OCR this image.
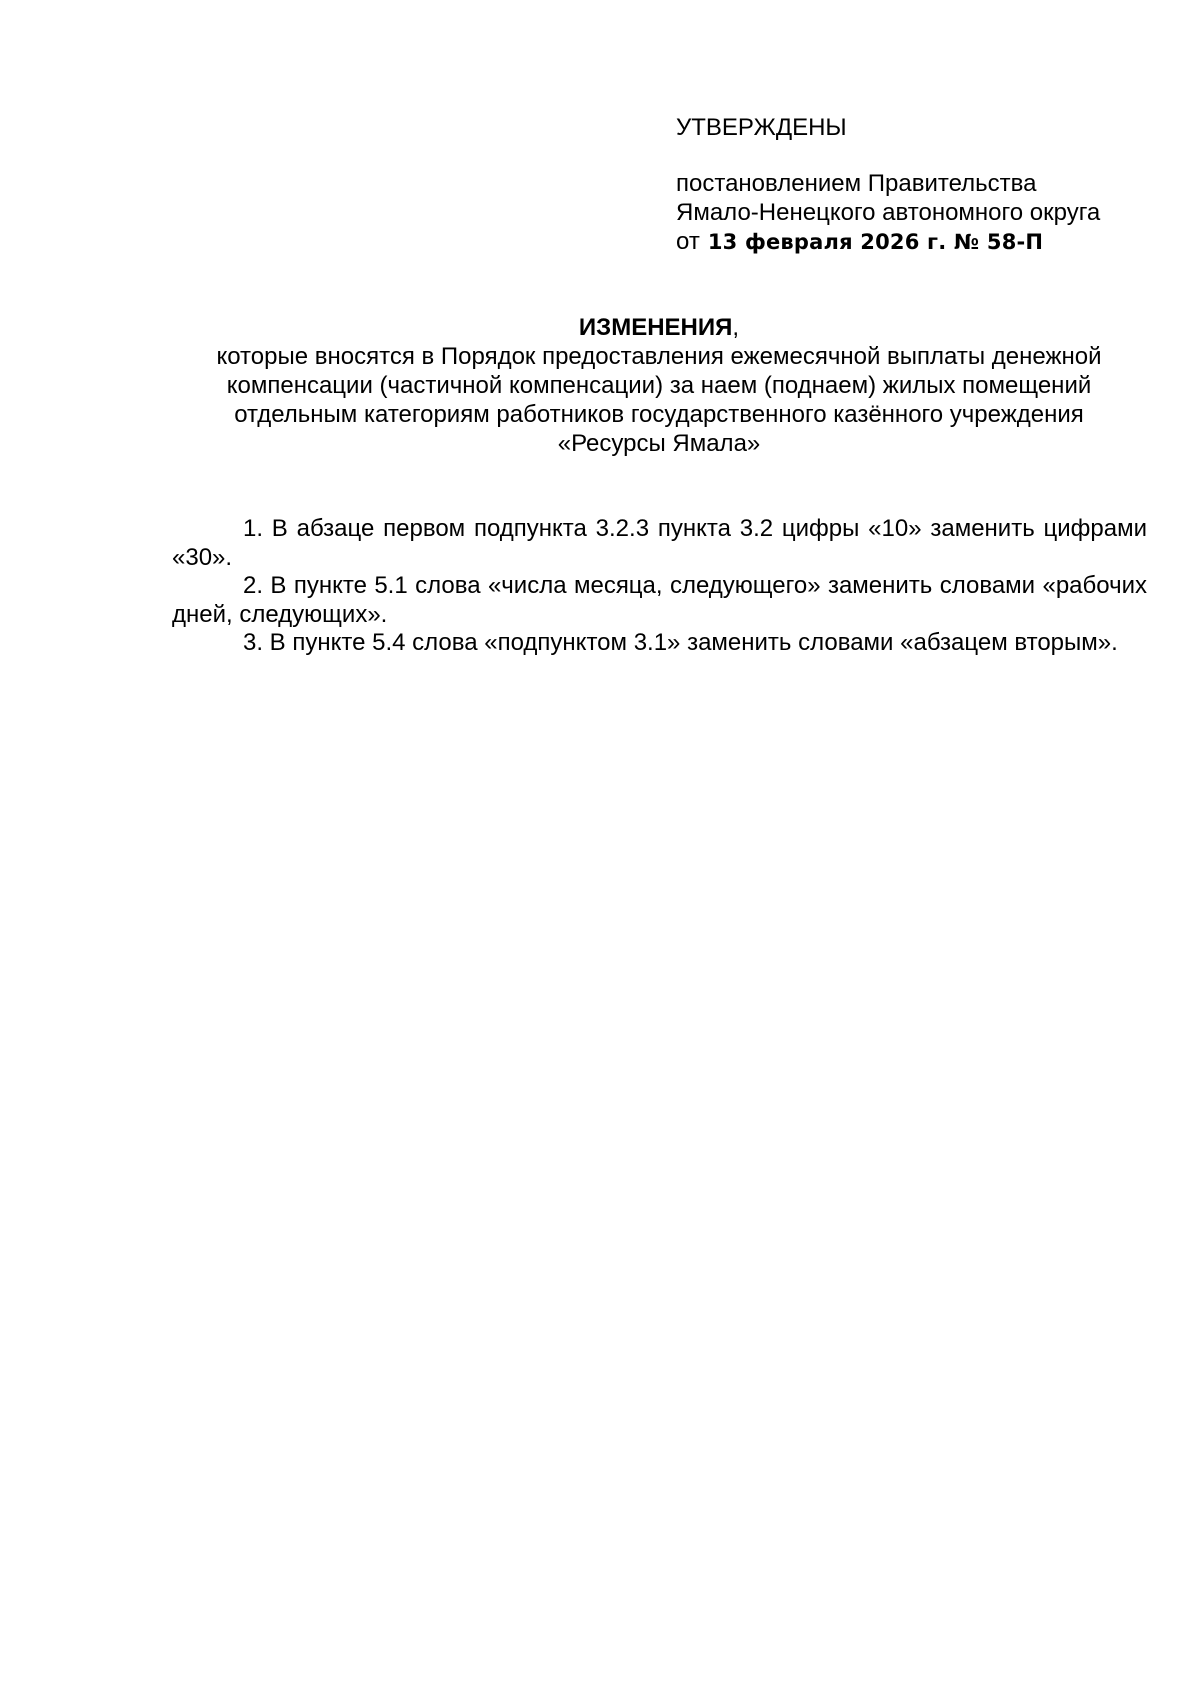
УТВЕРЖДЕНЫ

постановлением Правительства

Ямало-Ненецкого автономного округа

от 13 февраля 2026 г. № 58-П

ИЗМЕНЕНИЯ,

которые вносятся в Порядок предоставления ежемесячной выплаты денежной

компенсации (частичной компенсации) за наем (поднаем) жилых помещений

отдельным категориям работников государственного казённого учреждения

«Ресурсы Ямала»

1. В абзаце первом подпункта 3.2.3 пункта 3.2 цифры «10» заменить цифрами «30».

2. В пункте 5.1 слова «числа месяца, следующего» заменить словами «рабочих дней, следующих».

3. В пункте 5.4 слова «подпунктом 3.1» заменить словами «абзацем вторым».
